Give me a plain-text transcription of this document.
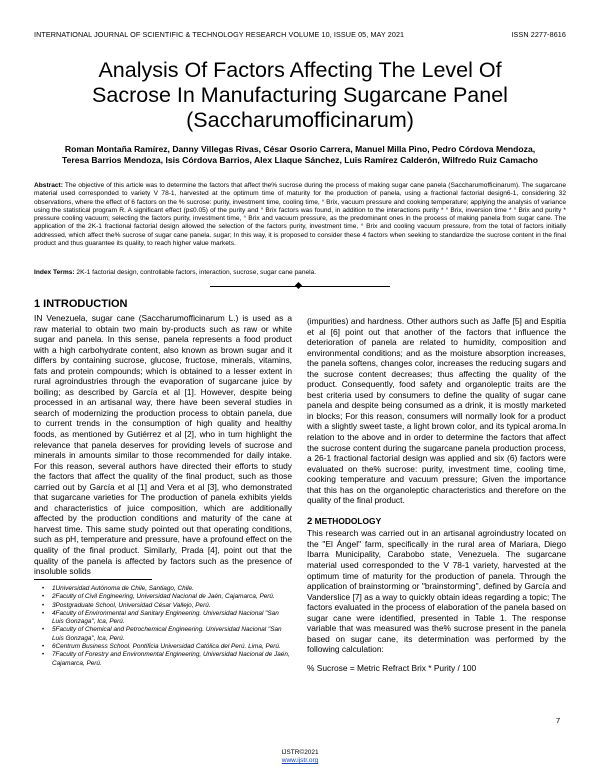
INTERNATIONAL JOURNAL OF SCIENTIFIC & TECHNOLOGY RESEARCH VOLUME 10, ISSUE 05, MAY 2021	ISSN 2277-8616
Analysis Of Factors Affecting The Level Of
Sacrose In Manufacturing Sugarcane Panel
(Saccharumofficinarum)
Roman Montaña Ramírez, Danny Villegas Rivas, César Osorio Carrera, Manuel Milla Pino, Pedro Córdova Mendoza,
Teresa Barrios Mendoza, Isis Córdova Barrios, Alex Llaque Sánchez, Luis Ramírez Calderón, Wilfredo Ruiz Camacho
Abstract: The objective of this article was to determine the factors that affect the% sucrose during the process of making sugar cane panela (Saccharumofficinarum). The sugarcane material used corresponded to variety V 78-1, harvested at the optimum time of maturity for the production of panela, using a fractional factorial design6-1, considering 32 observations, where the effect of 6 factors on the % sucrose: purity, investment time, cooling time, ° Brix, vacuum pressure and cooking temperature; applying the analysis of variance using the statistical program R. A significant effect (p≤0.05) of the purity and ° Brix factors was found, in addition to the interactions purity * ° Brix, inversion time * ° Brix and purity * pressure cooling vacuum; selecting the factors purity, investment time, ° Brix and vacuum pressure, as the predominant ones in the process of making panela from sugar cane. The application of the 2K-1 fractional factorial design allowed the selection of the factors purity, investment time, ° Brix and cooling vacuum pressure, from the total of factors initially addressed, which affect the% sucrose of sugar cane panela. sugar; In this way, it is proposed to consider these 4 factors when seeking to standardize the sucrose content in the final product and thus guarantee its quality, to reach higher value markets.
Index Terms: 2K-1 factorial design, controllable factors, interaction, sucrose, sugar cane panela.
1 INTRODUCTION

IN Venezuela, sugar cane (Saccharumofficinarum L.) is used as a raw material to obtain two main by-products such as raw or white sugar and panela. In this sense, panela represents a food product with a high carbohydrate content, also known as brown sugar and it differs by containing sucrose, glucose, fructose, minerals, vitamins, fats and protein compounds; which is obtained to a lesser extent in rural agroindustries through the evaporation of sugarcane juice by boiling; as described by García et al [1]. However, despite being processed in an artisanal way, there have been several studies in search of modernizing the production process to obtain panela, due to current trends in the consumption of high quality and healthy foods, as mentioned by Gutiérrez et al [2], who in turn highlight the relevance that panela deserves for providing levels of sucrose and minerals in amounts similar to those recommended for daily intake. For this reason, several authors have directed their efforts to study the factors that affect the quality of the final product, such as those carried out by García et al [1] and Vera et al [3], who demonstrated that sugarcane varieties for The production of panela exhibits yields and characteristics of juice composition, which are additionally affected by the production conditions and maturity of the cane at harvest time. This same study pointed out that operating conditions, such as pH, temperature and pressure, have a profound effect on the quality of the final product. Similarly, Prada [4], point out that the quality of the panela is affected by factors such as the presence of insoluble solids

• 1Universidad Autónoma de Chile, Santiago, Chile.
• 2Faculty of Civil Engineering, Universidad Nacional de Jaén, Cajamarca, Perú.
• 3Postgraduate School, Universidad César Vallejo, Perú.
• 4Faculty of Environmental and Sanitary Engineering. Universidad Nacional "San Luis Gonzaga", Ica, Perú.
• 5Faculty of Chemical and Petrochemical Engineering. Universidad Nacional "San Luis Gonzaga", Ica, Perú.
• 6Centrum Business School. Pontificia Universidad Católica del Perú. Lima, Perú.
• 7Faculty of Forestry and Environmental Engineering, Universidad Nacional de Jaén, Cajamarca, Perú.

(impurities) and hardness. Other authors such as Jaffe [5] and Espitia et al [6] point out that another of the factors that influence the deterioration of panela are related to humidity, composition and environmental conditions; and as the moisture absorption increases, the panela softens, changes color, increases the reducing sugars and the sucrose content decreases; thus affecting the quality of the product. Consequently, food safety and organoleptic traits are the best criteria used by consumers to define the quality of sugar cane panela and despite being consumed as a drink, it is mostly marketed in blocks; For this reason, consumers will normally look for a product with a slightly sweet taste, a light brown color, and its typical aroma.In relation to the above and in order to determine the factors that affect the sucrose content during the sugarcane panela production process, a 26-1 fractional factorial design was applied and six (6) factors were evaluated on the% sucrose: purity, investment time, cooling time, cooking temperature and vacuum pressure; Given the importance that this has on the organoleptic characteristics and therefore on the quality of the final product.

2 METHODOLOGY

This research was carried out in an artisanal agroindustry located on the "El Ángel" farm, specifically in the rural area of Mariara, Diego Ibarra Municipality, Carabobo state, Venezuela. The sugarcane material used corresponded to the V 78-1 variety, harvested at the optimum time of maturity for the production of panela. Through the application of brainstorming or "brainstorming", defined by García and Vanderslice [7] as a way to quickly obtain ideas regarding a topic; The factors evaluated in the process of elaboration of the panela based on sugar cane were identified, presented in Table 1. The response variable that was measured was the% sucrose present in the panela based on sugar cane, its determination was performed by the following calculation:

% Sucrose = Metric Refract Brix * Purity / 100
7
IJSTR©2021
www.ijstr.org
